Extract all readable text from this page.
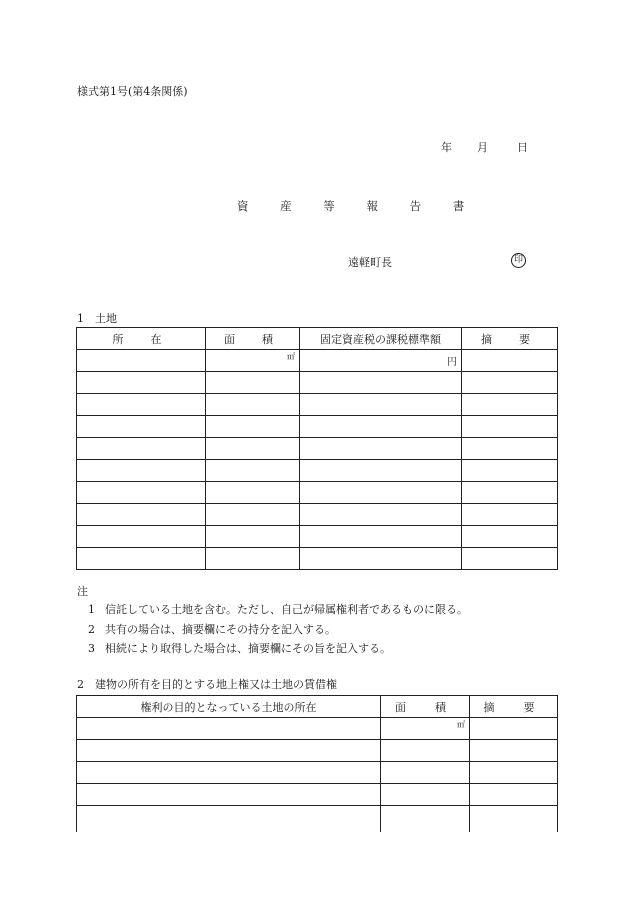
様式第1号(第4条関係)
年 月	日
資 産 等 報 告 書
遠軽町長	印
1　土地
所　在	面　積	固定資産税の課税標準額	摘　要
	㎡	円	

注
1 信託している土地を含む。ただし、自己が帰属権利者であるものに限る。
2 共有の場合は、摘要欄にその持分を記入する。
3 相続により取得した場合は、摘要欄にその旨を記入する。
2　建物の所有を目的とする地上権又は土地の賃借権
権利の目的となっている土地の所在	面　積	摘　要
	㎡	
